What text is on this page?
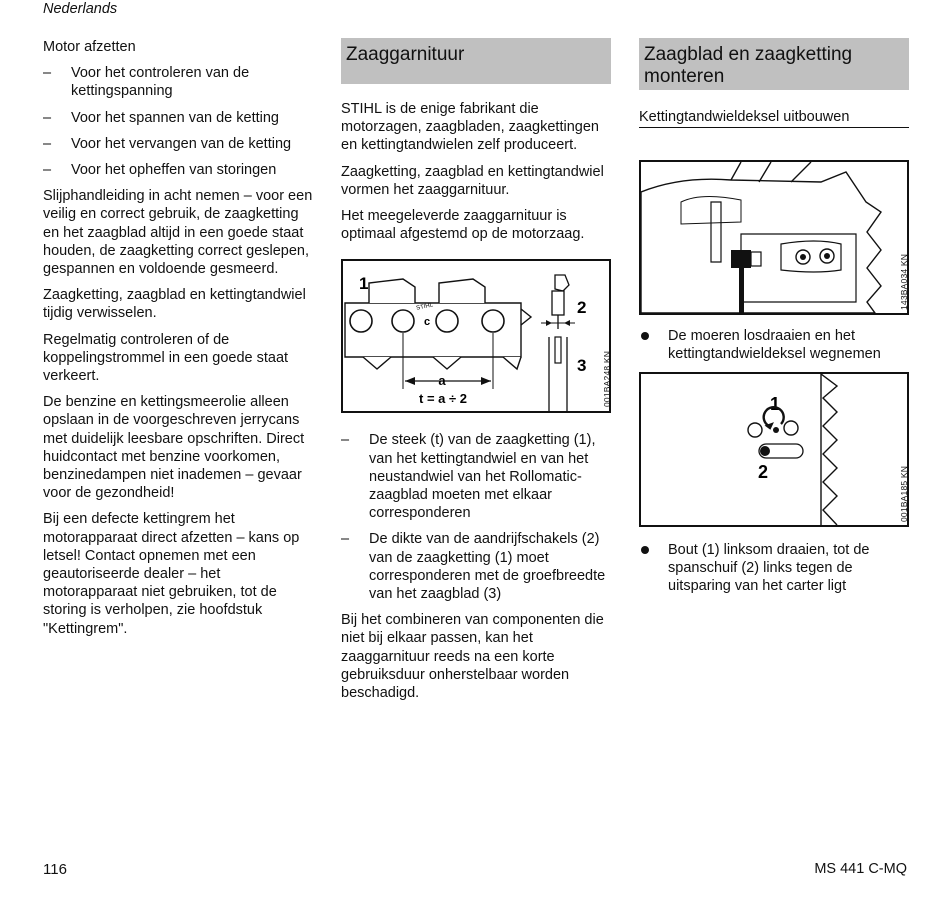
Nederlands
Motor afzetten
– Voor het controleren van de kettingspanning
– Voor het spannen van de ketting
– Voor het vervangen van de ketting
– Voor het opheffen van storingen

Slijphandleiding in acht nemen – voor een veilig en correct gebruik, de zaagketting en het zaagblad altijd in een goede staat houden, de zaagketting correct geslepen, gespannen en voldoende gesmeerd.

Zaagketting, zaagblad en kettingtandwiel tijdig verwisselen.

Regelmatig controleren of de koppelingstrommel in een goede staat verkeert.

De benzine en kettingsmeerolie alleen opslaan in de voorgeschreven jerrycans met duidelijk leesbare opschriften. Direct huidcontact met benzine voorkomen, benzinedampen niet inademen – gevaar voor de gezondheid!

Bij een defecte kettingrem het motorapparaat direct afzetten – kans op letsel! Contact opnemen met een geautoriseerde dealer – het motorapparaat niet gebruiken, tot de storing is verholpen, zie hoofdstuk "Kettingrem".

Zaaggarnituur

STIHL is de enige fabrikant die motorzagen, zaagbladen, zaagkettingen en kettingtandwielen zelf produceert.

Zaagketting, zaagblad en kettingtandwiel vormen het zaaggarnituur.

Het meegeleverde zaaggarnituur is optimaal afgestemd op de motorzaag.

a
t = a ÷ 2
c
STIHL
1
2
3	001BA248 KN
– De steek (t) van de zaagketting (1), van het kettingtandwiel en van het neustandwiel van het Rollomatic-zaagblad moeten met elkaar corresponderen
– De dikte van de aandrijfschakels (2) van de zaagketting (1) moet corresponderen met de groefbreedte van het zaagblad (3)

Bij het combineren van componenten die niet bij elkaar passen, kan het zaaggarnituur reeds na een korte gebruiksduur onherstelbaar worden beschadigd.

Zaagblad en zaagketting monteren
Kettingtandwieldeksel uitbouwen
143BA034 KN
De moeren losdraaien en het kettingtandwieldeksel wegnemen
1
2	001BA185 KN
Bout (1) linksom draaien, tot de spanschuif (2) links tegen de uitsparing van het carter ligt
116	MS 441 C-MQ
